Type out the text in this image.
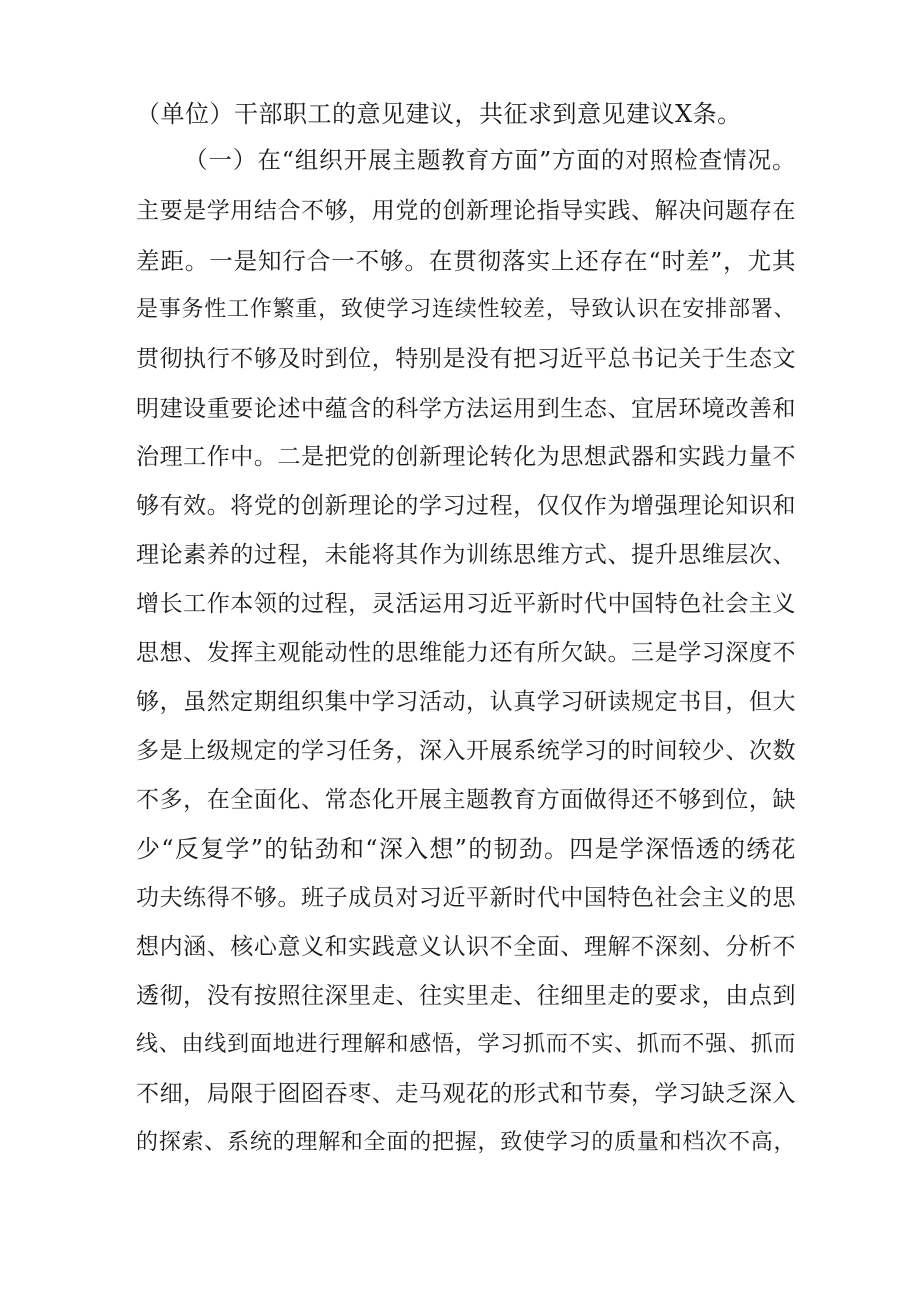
（单位）干部职工的意见建议，共征求到意见建议X条。
（一）在“组织开展主题教育方面”方面的对照检查情况。
主要是学用结合不够，用党的创新理论指导实践、解决问题存在
差距。一是知行合一不够。在贯彻落实上还存在“时差”，尤其
是事务性工作繁重，致使学习连续性较差，导致认识在安排部署、
贯彻执行不够及时到位，特别是没有把习近平总书记关于生态文
明建设重要论述中蕴含的科学方法运用到生态、宜居环境改善和
治理工作中。二是把党的创新理论转化为思想武器和实践力量不
够有效。将党的创新理论的学习过程，仅仅作为增强理论知识和
理论素养的过程，未能将其作为训练思维方式、提升思维层次、
增长工作本领的过程，灵活运用习近平新时代中国特色社会主义
思想、发挥主观能动性的思维能力还有所欠缺。三是学习深度不
够，虽然定期组织集中学习活动，认真学习研读规定书目，但大
多是上级规定的学习任务，深入开展系统学习的时间较少、次数
不多，在全面化、常态化开展主题教育方面做得还不够到位，缺
少“反复学”的钻劲和“深入想”的韧劲。四是学深悟透的绣花
功夫练得不够。班子成员对习近平新时代中国特色社会主义的思
想内涵、核心意义和实践意义认识不全面、理解不深刻、分析不
透彻，没有按照往深里走、往实里走、往细里走的要求，由点到
线、由线到面地进行理解和感悟，学习抓而不实、抓而不强、抓而
不细，局限于囵囵吞枣、走马观花的形式和节奏，学习缺乏深入
的探索、系统的理解和全面的把握，致使学习的质量和档次不高，
